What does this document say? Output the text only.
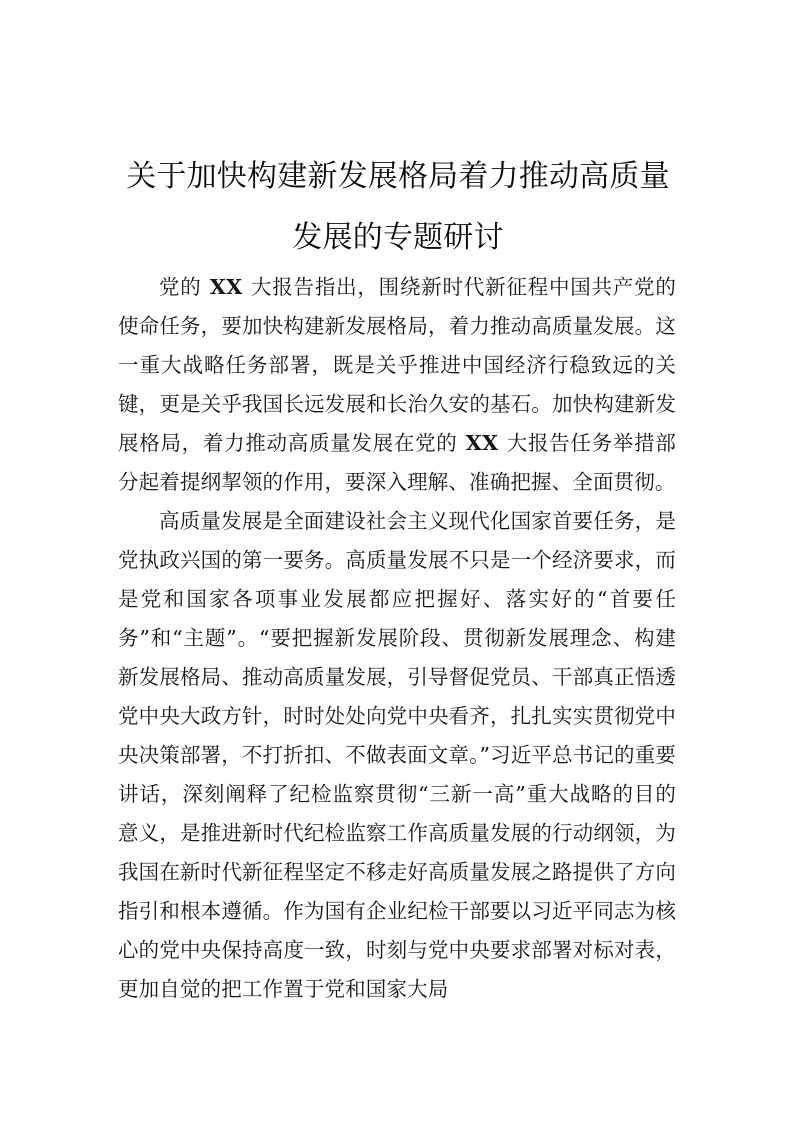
关于加快构建新发展格局着力推动高质量
发展的专题研讨

党的 XX 大报告指出，围绕新时代新征程中国共产党的使命任务，要加快构建新发展格局，着力推动高质量发展。这一重大战略任务部署，既是关乎推进中国经济行稳致远的关键，更是关乎我国长远发展和长治久安的基石。加快构建新发展格局，着力推动高质量发展在党的 XX 大报告任务举措部分起着提纲挈领的作用，要深入理解、准确把握、全面贯彻。

高质量发展是全面建设社会主义现代化国家首要任务，是党执政兴国的第一要务。高质量发展不只是一个经济要求，而是党和国家各项事业发展都应把握好、落实好的“首要任务”和“主题”。“要把握新发展阶段、贯彻新发展理念、构建新发展格局、推动高质量发展，引导督促党员、干部真正悟透党中央大政方针，时时处处向党中央看齐，扎扎实实贯彻党中央决策部署，不打折扣、不做表面文章。”习近平总书记的重要讲话，深刻阐释了纪检监察贯彻“三新一高”重大战略的目的意义，是推进新时代纪检监察工作高质量发展的行动纲领，为我国在新时代新征程坚定不移走好高质量发展之路提供了方向指引和根本遵循。作为国有企业纪检干部要以习近平同志为核心的党中央保持高度一致，时刻与党中央要求部署对标对表，更加自觉的把工作置于党和国家大局
